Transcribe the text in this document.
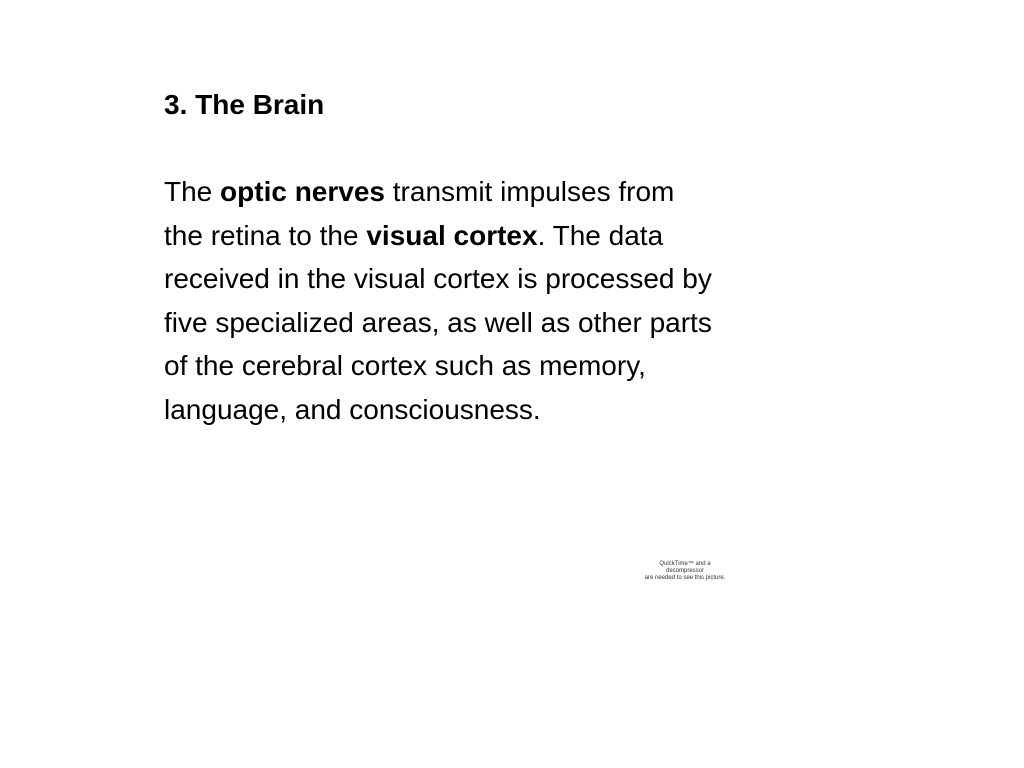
3. The Brain

The optic nerves transmit impulses from
the retina to the visual cortex. The data
received in the visual cortex is processed by
five specialized areas, as well as other parts
of the cerebral cortex such as memory,
language, and consciousness.

QuickTime™ and a
decompressor
are needed to see this picture.
